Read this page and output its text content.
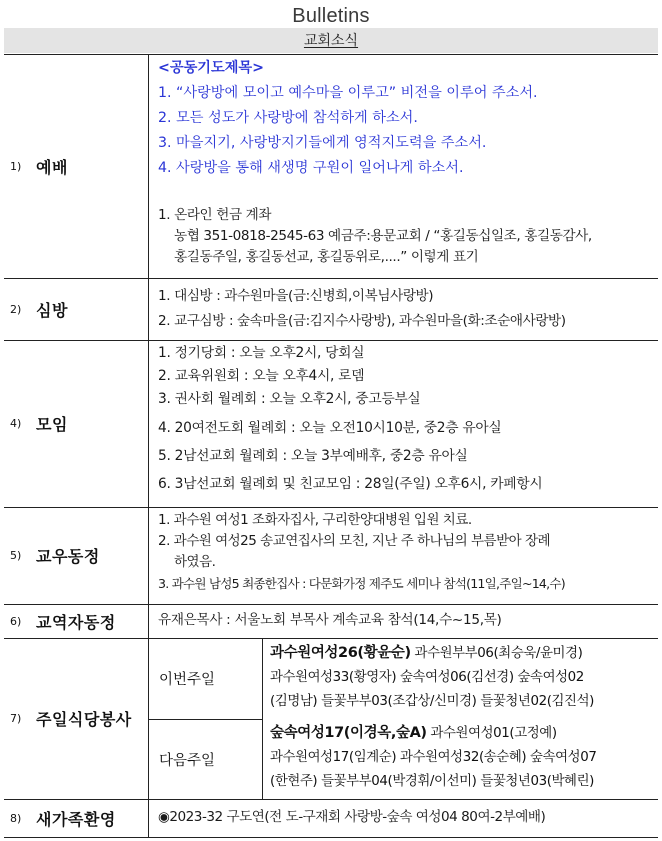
Bulletins
교회소식
1) 예배
<공동기도제목>
1. “사랑방에 모이고 예수마을 이루고” 비전을 이루어 주소서.
2. 모든 성도가 사랑방에 참석하게 하소서.
3. 마을지기, 사랑방지기들에게 영적지도력을 주소서.
4. 사랑방을 통해 새생명 구원이 일어나게 하소서.
1. 온라인 헌금 계좌
농협 351-0818-2545-63 예금주:용문교회 / “홍길동십일조, 홍길동감사,
홍길동주일, 홍길동선교, 홍길동위로,....” 이렇게 표기
2) 심방
1. 대심방 : 과수원마을(금:신병희,이복님사랑방)
2. 교구심방 : 숲속마을(금:김지수사랑방), 과수원마을(화:조순애사랑방)
4) 모임
1. 정기당회 : 오늘 오후2시, 당회실
2. 교육위원회 : 오늘 오후4시, 로뎀
3. 권사회 월례회 : 오늘 오후2시, 중고등부실
4. 20여전도회 월례회 : 오늘 오전10시10분, 중2층 유아실
5. 2남선교회 월례회 : 오늘 3부예배후, 중2층 유아실
6. 3남선교회 월례회 및 친교모임 : 28일(주일) 오후6시, 카페항시
5) 교우동정
1. 과수원 여성1 조화자집사, 구리한양대병원 입원 치료.
2. 과수원 여성25 송교연집사의 모친, 지난 주 하나님의 부름받아 장례
하였음.
3. 과수원 남성5 최종한집사 : 다문화가정 제주도 세미나 참석(11일,주일~14,수)
6) 교역자동정	유재은목사 : 서울노회 부목사 계속교육 참석(14,수~15,목)
7) 주일식당봉사
이번주일
과수원여성26(황윤순) 과수원부부06(최승욱/윤미경)
과수원여성33(황영자) 숲속여성06(김선경) 숲속여성02
(김명남) 들꽃부부03(조갑상/신미경) 들꽃청년02(김진석)
다음주일
숲속여성17(이경옥,숲A) 과수원여성01(고정예)
과수원여성17(임계순) 과수원여성32(송순혜) 숲속여성07
(한현주) 들꽃부부04(박경휘/이선미) 들꽃청년03(박혜린)
8) 새가족환영	◉2023-32 구도연(전 도-구재회 사랑방-숲속 여성04 80여-2부예배)
